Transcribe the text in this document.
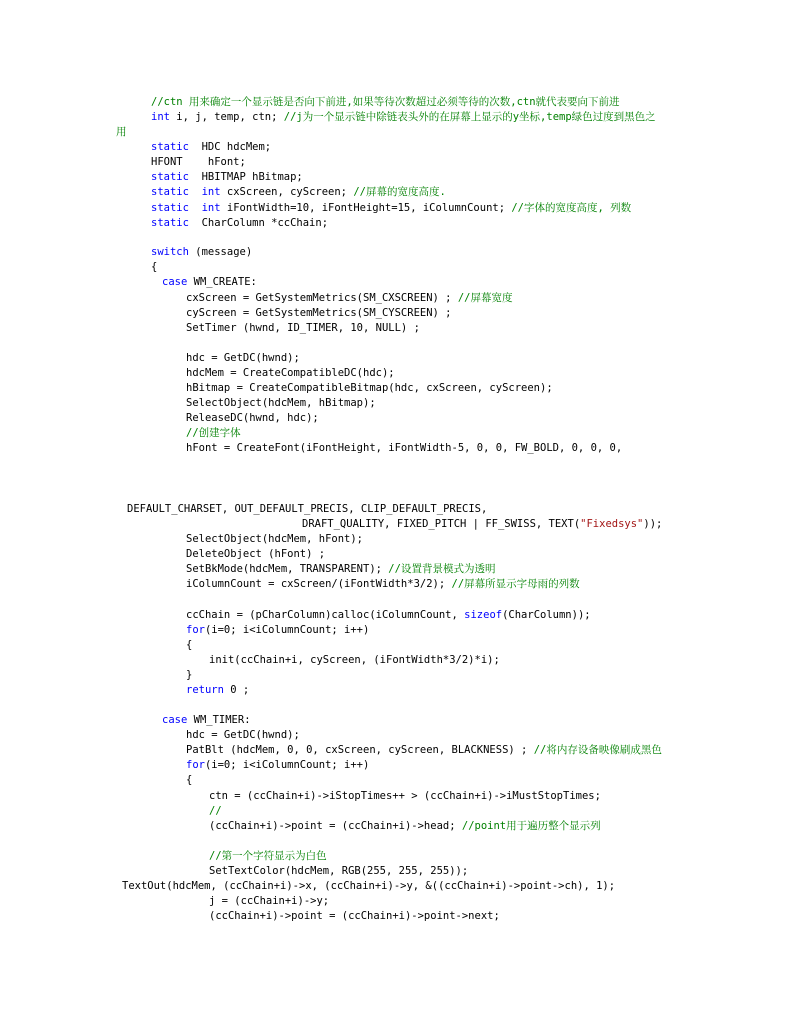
//ctn 用来确定一个显示链是否向下前进,如果等待次数超过必须等待的次数,ctn就代表要向下前进
int i, j, temp, ctn; //j为一个显示链中除链表头外的在屏幕上显示的y坐标,temp绿色过度到黑色之
用
static  HDC hdcMem;
HFONT    hFont;
static  HBITMAP hBitmap;
static int cxScreen, cyScreen; //屏幕的宽度高度.
static int iFontWidth=10, iFontHeight=15, iColumnCount; //字体的宽度高度, 列数
static  CharColumn *ccChain;
switch (message)
{
case WM_CREATE:
cxScreen = GetSystemMetrics(SM_CXSCREEN) ; //屏幕宽度
cyScreen = GetSystemMetrics(SM_CYSCREEN) ;
SetTimer (hwnd, ID_TIMER, 10, NULL) ;
hdc = GetDC(hwnd);
hdcMem = CreateCompatibleDC(hdc);
hBitmap = CreateCompatibleBitmap(hdc, cxScreen, cyScreen);
SelectObject(hdcMem, hBitmap);
ReleaseDC(hwnd, hdc);
//创建字体
hFont = CreateFont(iFontHeight, iFontWidth-5, 0, 0, FW_BOLD, 0, 0, 0,
DEFAULT_CHARSET, OUT_DEFAULT_PRECIS, CLIP_DEFAULT_PRECIS,
DRAFT_QUALITY, FIXED_PITCH | FF_SWISS, TEXT("Fixedsys"));
SelectObject(hdcMem, hFont);
DeleteObject (hFont) ;
SetBkMode(hdcMem, TRANSPARENT); //设置背景模式为透明
iColumnCount = cxScreen/(iFontWidth*3/2); //屏幕所显示字母雨的列数
ccChain = (pCharColumn)calloc(iColumnCount, sizeof(CharColumn));
for(i=0; i<iColumnCount; i++)
{
init(ccChain+i, cyScreen, (iFontWidth*3/2)*i);
}
return 0 ;
case WM_TIMER:
hdc = GetDC(hwnd);
PatBlt (hdcMem, 0, 0, cxScreen, cyScreen, BLACKNESS) ; //将内存设备映像刷成黑色
for(i=0; i<iColumnCount; i++)
{
ctn = (ccChain+i)->iStopTimes++ > (ccChain+i)->iMustStopTimes;
//
(ccChain+i)->point = (ccChain+i)->head; //point用于遍历整个显示列
//第一个字符显示为白色
SetTextColor(hdcMem, RGB(255, 255, 255));
TextOut(hdcMem, (ccChain+i)->x, (ccChain+i)->y, &((ccChain+i)->point->ch), 1);
j = (ccChain+i)->y;
(ccChain+i)->point = (ccChain+i)->point->next;
